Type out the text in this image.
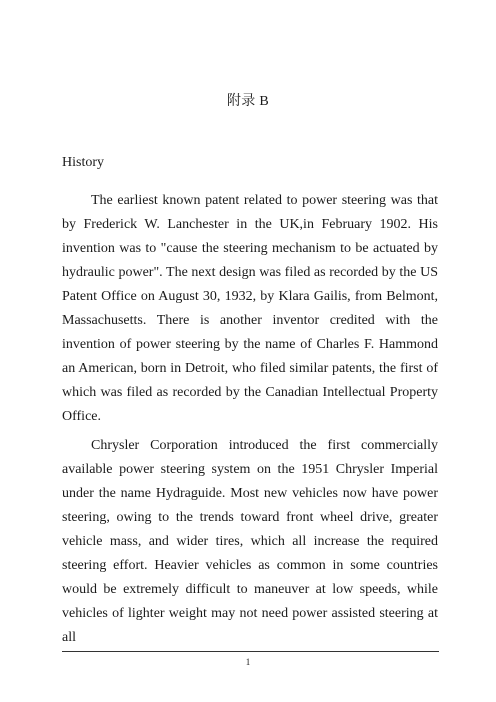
附录 B
History

The earliest known patent related to power steering was that by Frederick W. Lanchester in the UK,in February 1902. His invention was to "cause the steering mechanism to be actuated by hydraulic power". The next design was filed as recorded by the US Patent Office on August 30, 1932, by Klara Gailis, from Belmont, Massachusetts. There is another inventor credited with the invention of power steering by the name of Charles F. Hammond an American, born in Detroit, who filed similar patents, the first of which was filed as recorded by the Canadian Intellectual Property Office.

Chrysler Corporation introduced the first commercially available power steering system on the 1951 Chrysler Imperial under the name Hydraguide. Most new vehicles now have power steering, owing to the trends toward front wheel drive, greater vehicle mass, and wider tires, which all increase the required steering effort. Heavier vehicles as common in some countries would be extremely difficult to maneuver at low speeds, while vehicles of lighter weight may not need power assisted steering at all

1
